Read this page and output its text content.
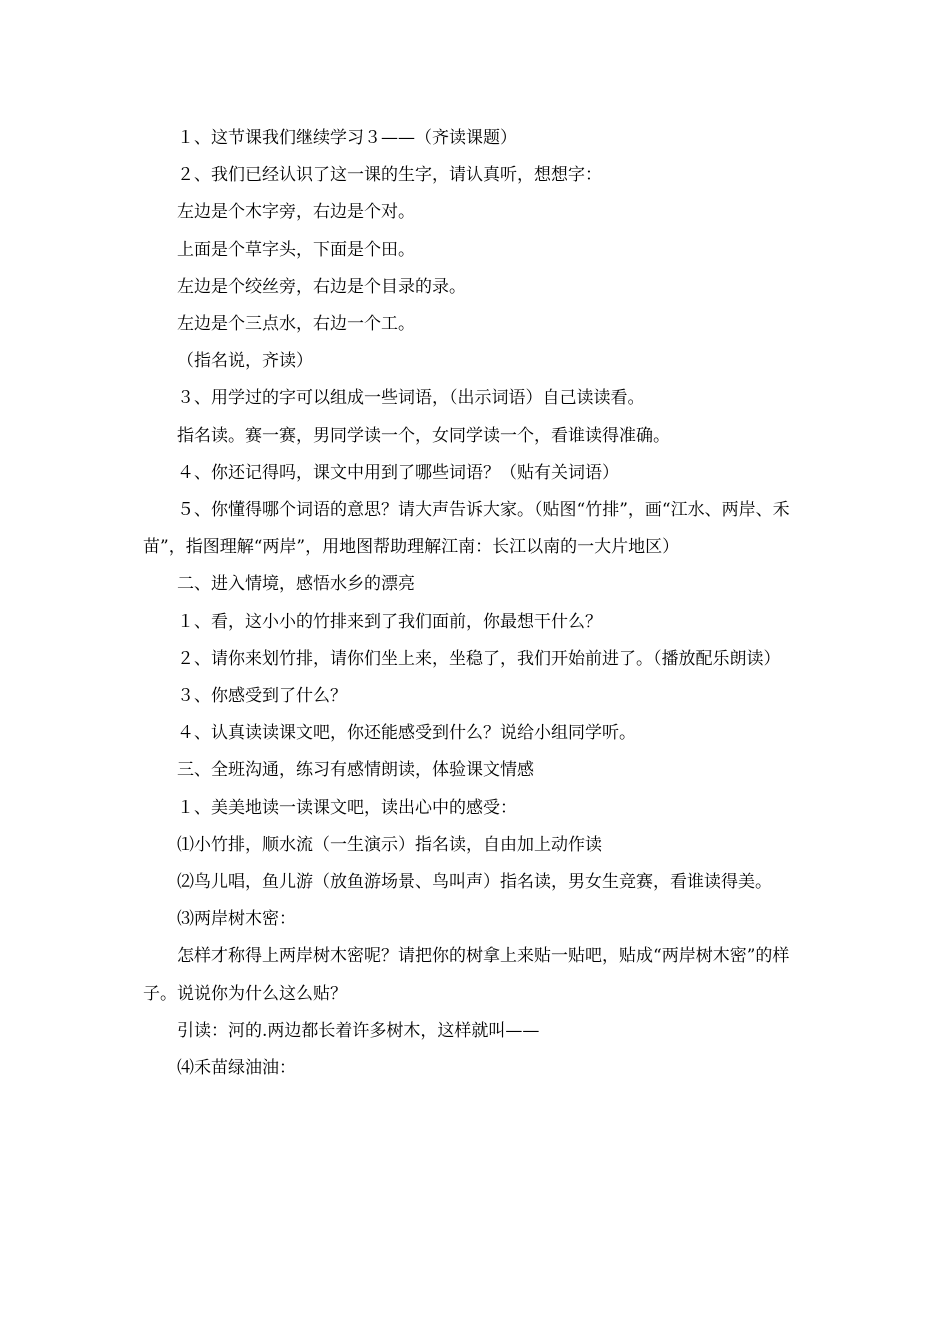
１、这节课我们继续学习３——（齐读课题）

２、我们已经认识了这一课的生字，请认真听，想想字：

左边是个木字旁，右边是个对。

上面是个草字头，下面是个田。

左边是个绞丝旁，右边是个目录的录。

左边是个三点水，右边一个工。

（指名说，齐读）

３、用学过的字可以组成一些词语，（出示词语）自己读读看。

指名读。赛一赛，男同学读一个，女同学读一个，看谁读得准确。

４、你还记得吗，课文中用到了哪些词语？（贴有关词语）

５、你懂得哪个词语的意思？请大声告诉大家。（贴图“竹排”，画“江水、两岸、禾苗”，指图理解“两岸”，用地图帮助理解江南：长江以南的一大片地区）

二、进入情境，感悟水乡的漂亮

１、看，这小小的竹排来到了我们面前，你最想干什么？

２、请你来划竹排，请你们坐上来，坐稳了，我们开始前进了。（播放配乐朗读）

３、你感受到了什么？

４、认真读读课文吧，你还能感受到什么？说给小组同学听。

三、全班沟通，练习有感情朗读，体验课文情感

１、美美地读一读课文吧，读出心中的感受：

⑴小竹排，顺水流（一生演示）指名读，自由加上动作读

⑵鸟儿唱，鱼儿游（放鱼游场景、鸟叫声）指名读，男女生竞赛，看谁读得美。

⑶两岸树木密：

怎样才称得上两岸树木密呢？请把你的树拿上来贴一贴吧，贴成“两岸树木密”的样子。说说你为什么这么贴？

引读：河的.两边都长着许多树木，这样就叫——

⑷禾苗绿油油：
